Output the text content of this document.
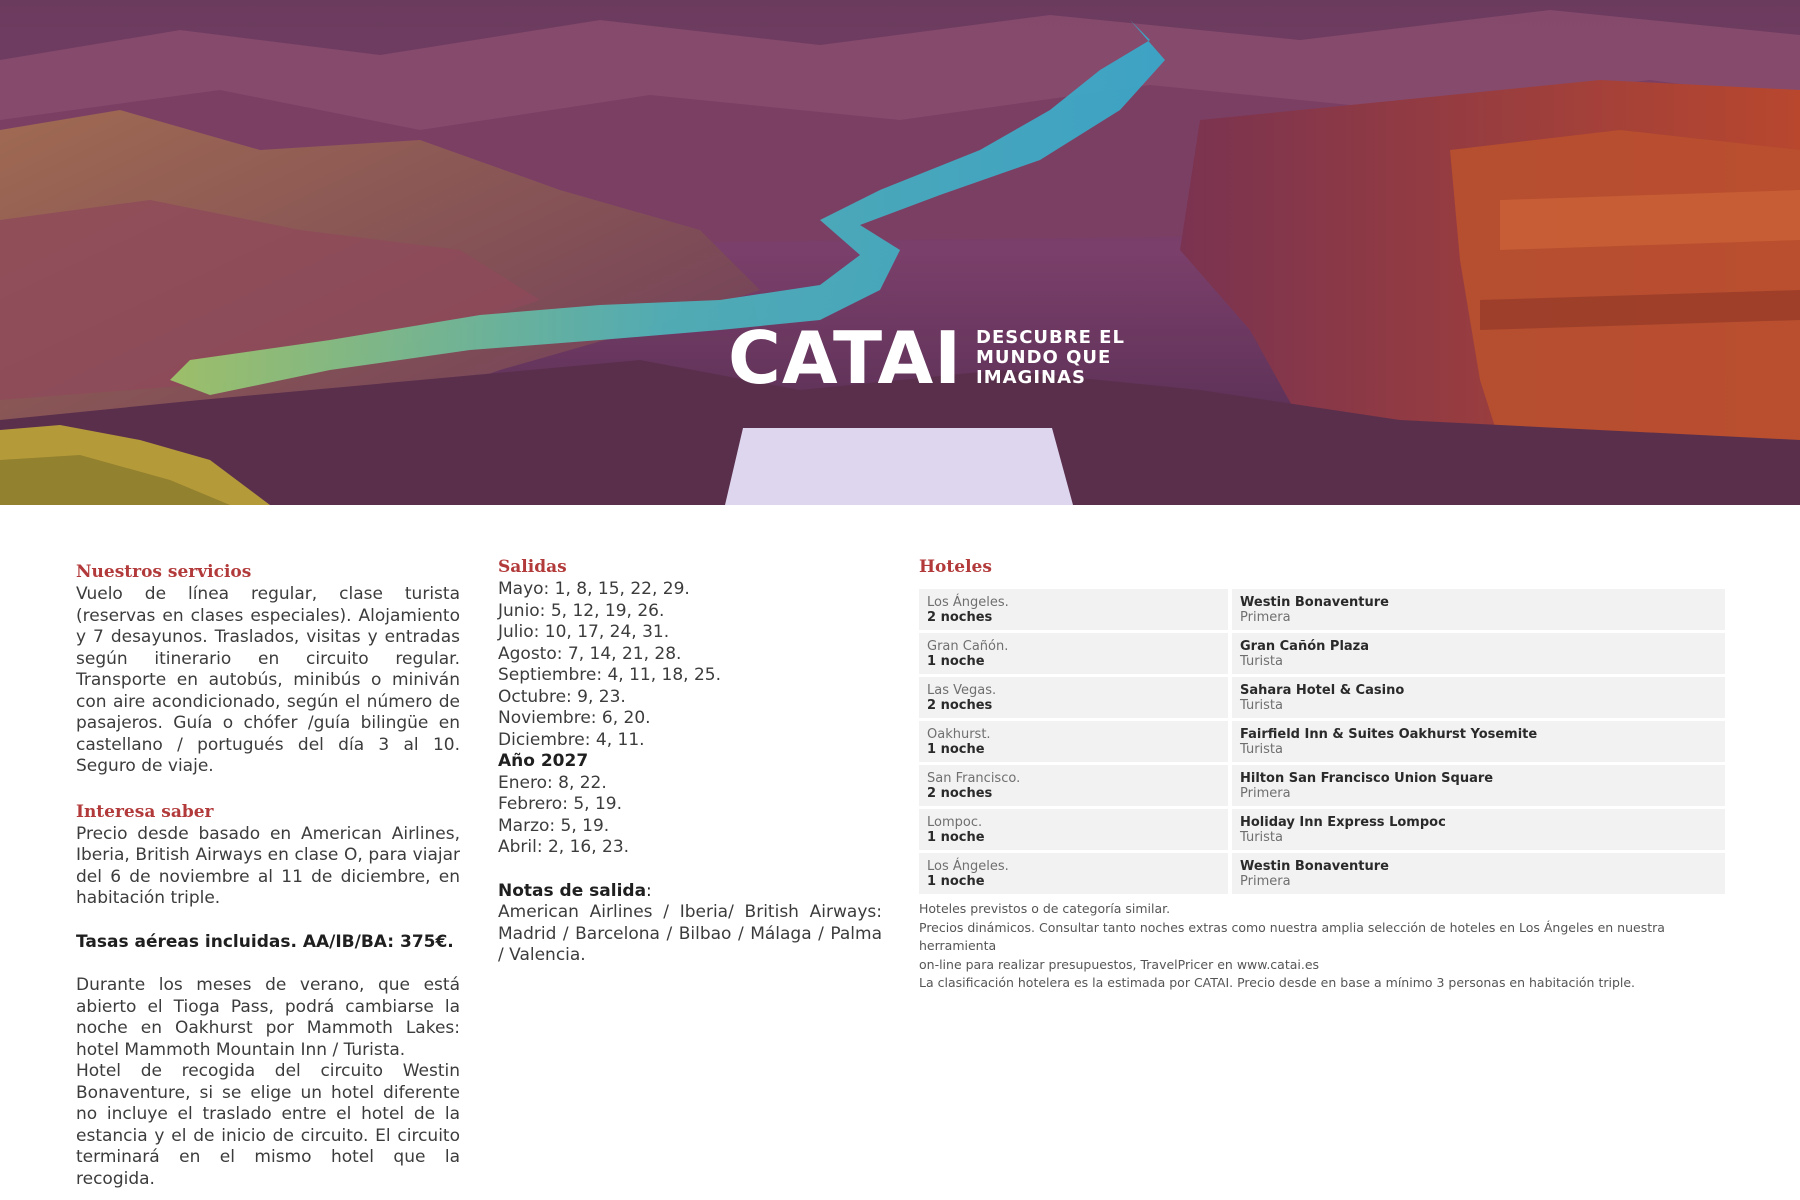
CATAI DESCUBRE EL
MUNDO QUE
IMAGINAS
Nuestros servicios
Vuelo de línea regular, clase turista (reservas en clases especiales). Alojamiento y 7 desayunos. Traslados, visitas y entradas según itinerario en circuito regular. Transporte en autobús, minibús o miniván con aire acondicionado, según el número de pasajeros. Guía o chófer /guía bilingüe en castellano / portugués del día 3 al 10. Seguro de viaje.
Interesa saber
Precio desde basado en American Airlines, Iberia, British Airways en clase O, para viajar del 6 de noviembre al 11 de diciembre, en habitación triple.
Tasas aéreas incluidas. AA/IB/BA: 375€.
Durante los meses de verano, que está abierto el Tioga Pass, podrá cambiarse la noche en Oakhurst por Mammoth Lakes: hotel Mammoth Mountain Inn / Turista.
Hotel de recogida del circuito Westin Bonaventure, si se elige un hotel diferente no incluye el traslado entre el hotel de la estancia y el de inicio de circuito. El circuito terminará en el mismo hotel que la recogida.
Salidas
Mayo: 1, 8, 15, 22, 29.
Junio: 5, 12, 19, 26.
Julio: 10, 17, 24, 31.
Agosto: 7, 14, 21, 28.
Septiembre: 4, 11, 18, 25.
Octubre: 9, 23.
Noviembre: 6, 20.
Diciembre: 4, 11.
Año 2027
Enero: 8, 22.
Febrero: 5, 19.
Marzo: 5, 19.
Abril: 2, 16, 23.
Notas de salida:
American Airlines / Iberia/ British Airways: Madrid / Barcelona / Bilbao / Málaga / Palma / Valencia.
Hoteles
Los Ángeles.
2 noches
Westin Bonaventure
Primera
Gran Cañón.
1 noche
Gran Cañón Plaza
Turista
Las Vegas.
2 noches
Sahara Hotel & Casino
Turista
Oakhurst.
1 noche
Fairfield Inn & Suites Oakhurst Yosemite
Turista
San Francisco.
2 noches
Hilton San Francisco Union Square
Primera
Lompoc.
1 noche
Holiday Inn Express Lompoc
Turista
Los Ángeles.
1 noche
Westin Bonaventure
Primera
Hoteles previstos o de categoría similar.
Precios dinámicos. Consultar tanto noches extras como nuestra amplia selección de hoteles en Los Ángeles en nuestra herramienta
on-line para realizar presupuestos, TravelPricer en www.catai.es
La clasificación hotelera es la estimada por CATAI. Precio desde en base a mínimo 3 personas en habitación triple.
